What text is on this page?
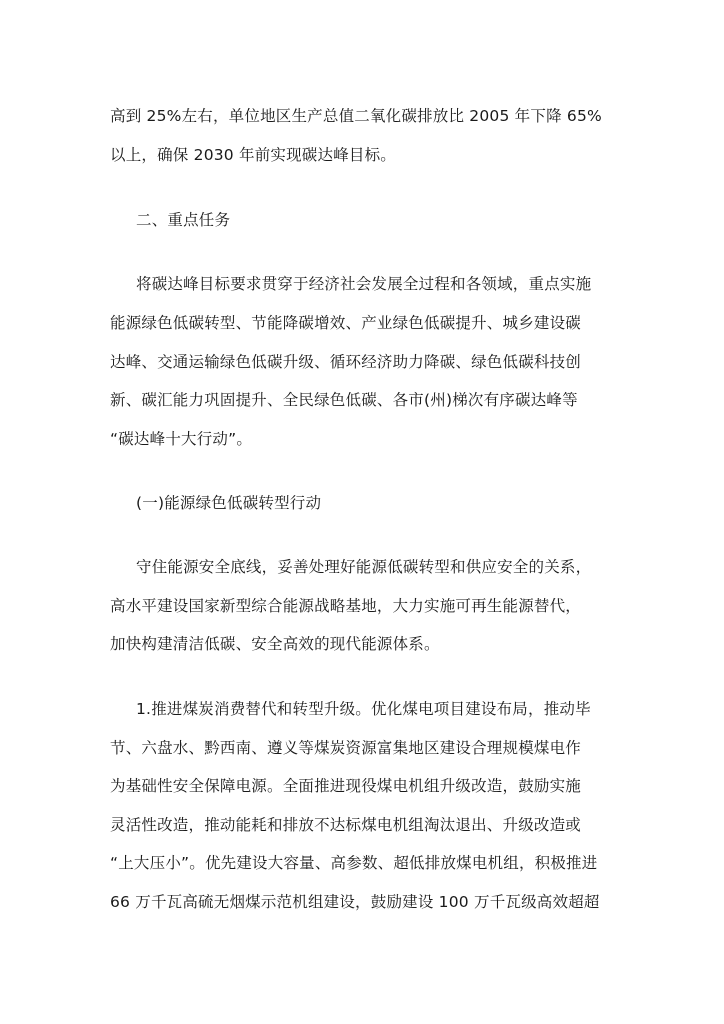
高到 25%左右，单位地区生产总值二氧化碳排放比 2005 年下降 65%
以上，确保 2030 年前实现碳达峰目标。
二、重点任务
将碳达峰目标要求贯穿于经济社会发展全过程和各领域，重点实施
能源绿色低碳转型、节能降碳增效、产业绿色低碳提升、城乡建设碳
达峰、交通运输绿色低碳升级、循环经济助力降碳、绿色低碳科技创
新、碳汇能力巩固提升、全民绿色低碳、各市(州)梯次有序碳达峰等
“碳达峰十大行动”。
(一)能源绿色低碳转型行动
守住能源安全底线，妥善处理好能源低碳转型和供应安全的关系，
高水平建设国家新型综合能源战略基地，大力实施可再生能源替代，
加快构建清洁低碳、安全高效的现代能源体系。
1.推进煤炭消费替代和转型升级。优化煤电项目建设布局，推动毕
节、六盘水、黔西南、遵义等煤炭资源富集地区建设合理规模煤电作
为基础性安全保障电源。全面推进现役煤电机组升级改造，鼓励实施
灵活性改造，推动能耗和排放不达标煤电机组淘汰退出、升级改造或
“上大压小”。优先建设大容量、高参数、超低排放煤电机组，积极推进
66 万千瓦高硫无烟煤示范机组建设，鼓励建设 100 万千瓦级高效超超
